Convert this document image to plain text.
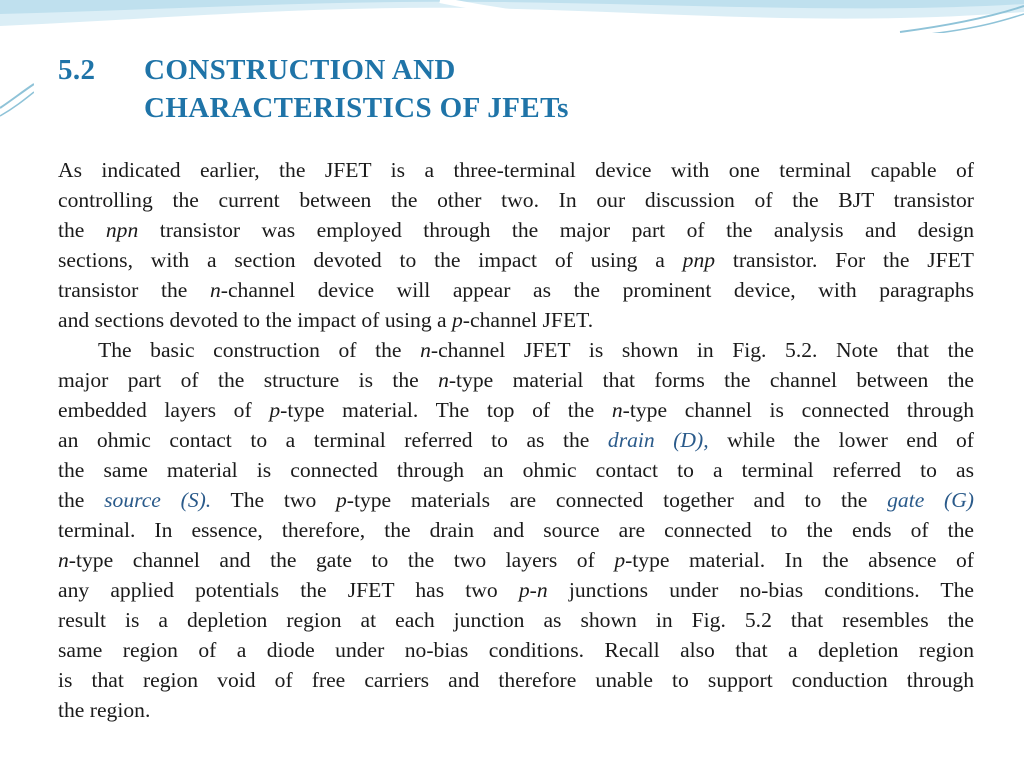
5.2 CONSTRUCTION AND
CHARACTERISTICS OF JFETs
As indicated earlier, the JFET is a three-terminal device with one terminal capable of
controlling the current between the other two. In our discussion of the BJT transistor
the npn transistor was employed through the major part of the analysis and design
sections, with a section devoted to the impact of using a pnp transistor. For the JFET
transistor the n-channel device will appear as the prominent device, with paragraphs
and sections devoted to the impact of using a p-channel JFET.
The basic construction of the n-channel JFET is shown in Fig. 5.2. Note that the
major part of the structure is the n-type material that forms the channel between the
embedded layers of p-type material. The top of the n-type channel is connected through
an ohmic contact to a terminal referred to as the drain (D), while the lower end of
the same material is connected through an ohmic contact to a terminal referred to as
the source (S). The two p-type materials are connected together and to the gate (G)
terminal. In essence, therefore, the drain and source are connected to the ends of the
n-type channel and the gate to the two layers of p-type material. In the absence of
any applied potentials the JFET has two p-n junctions under no-bias conditions. The
result is a depletion region at each junction as shown in Fig. 5.2 that resembles the
same region of a diode under no-bias conditions. Recall also that a depletion region
is that region void of free carriers and therefore unable to support conduction through
the region.
